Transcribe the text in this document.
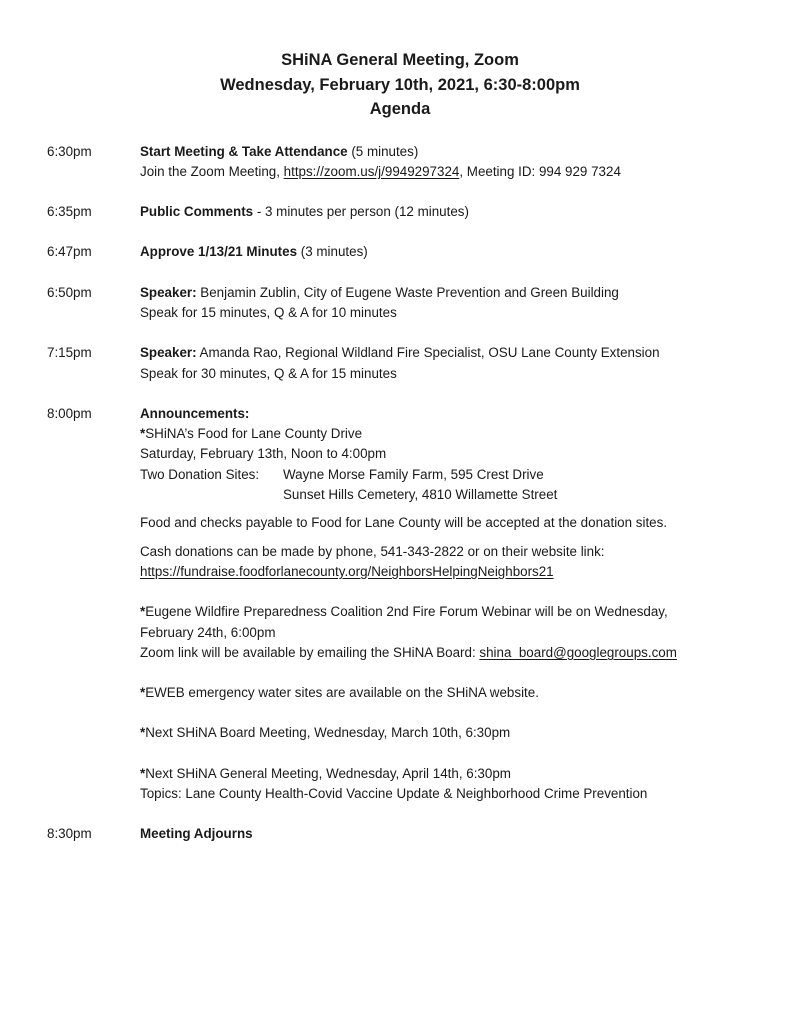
SHiNA General Meeting, Zoom
Wednesday, February 10th, 2021, 6:30-8:00pm
Agenda
6:30pm	Start Meeting & Take Attendance (5 minutes)
Join the Zoom Meeting, https://zoom.us/j/9949297324, Meeting ID: 994 929 7324
6:35pm	Public Comments - 3 minutes per person (12 minutes)
6:47pm	Approve 1/13/21 Minutes (3 minutes)
6:50pm	Speaker: Benjamin Zublin, City of Eugene Waste Prevention and Green Building
Speak for 15 minutes, Q & A for 10 minutes
7:15pm	Speaker: Amanda Rao, Regional Wildland Fire Specialist, OSU Lane County Extension
Speak for 30 minutes, Q & A for 15 minutes
8:00pm	Announcements:
*SHiNA’s Food for Lane County Drive
Saturday, February 13th, Noon to 4:00pm
Two Donation Sites:	Wayne Morse Family Farm, 595 Crest Drive
Sunset Hills Cemetery, 4810 Willamette Street
Food and checks payable to Food for Lane County will be accepted at the donation sites.
Cash donations can be made by phone, 541-343-2822 or on their website link:
https://fundraise.foodforlanecounty.org/NeighborsHelpingNeighbors21
*Eugene Wildfire Preparedness Coalition 2nd Fire Forum Webinar will be on Wednesday,
February 24th, 6:00pm
Zoom link will be available by emailing the SHiNA Board: shina_board@googlegroups.com
*EWEB emergency water sites are available on the SHiNA website.
*Next SHiNA Board Meeting, Wednesday, March 10th, 6:30pm
*Next SHiNA General Meeting, Wednesday, April 14th, 6:30pm
Topics: Lane County Health-Covid Vaccine Update & Neighborhood Crime Prevention
8:30pm	Meeting Adjourns
